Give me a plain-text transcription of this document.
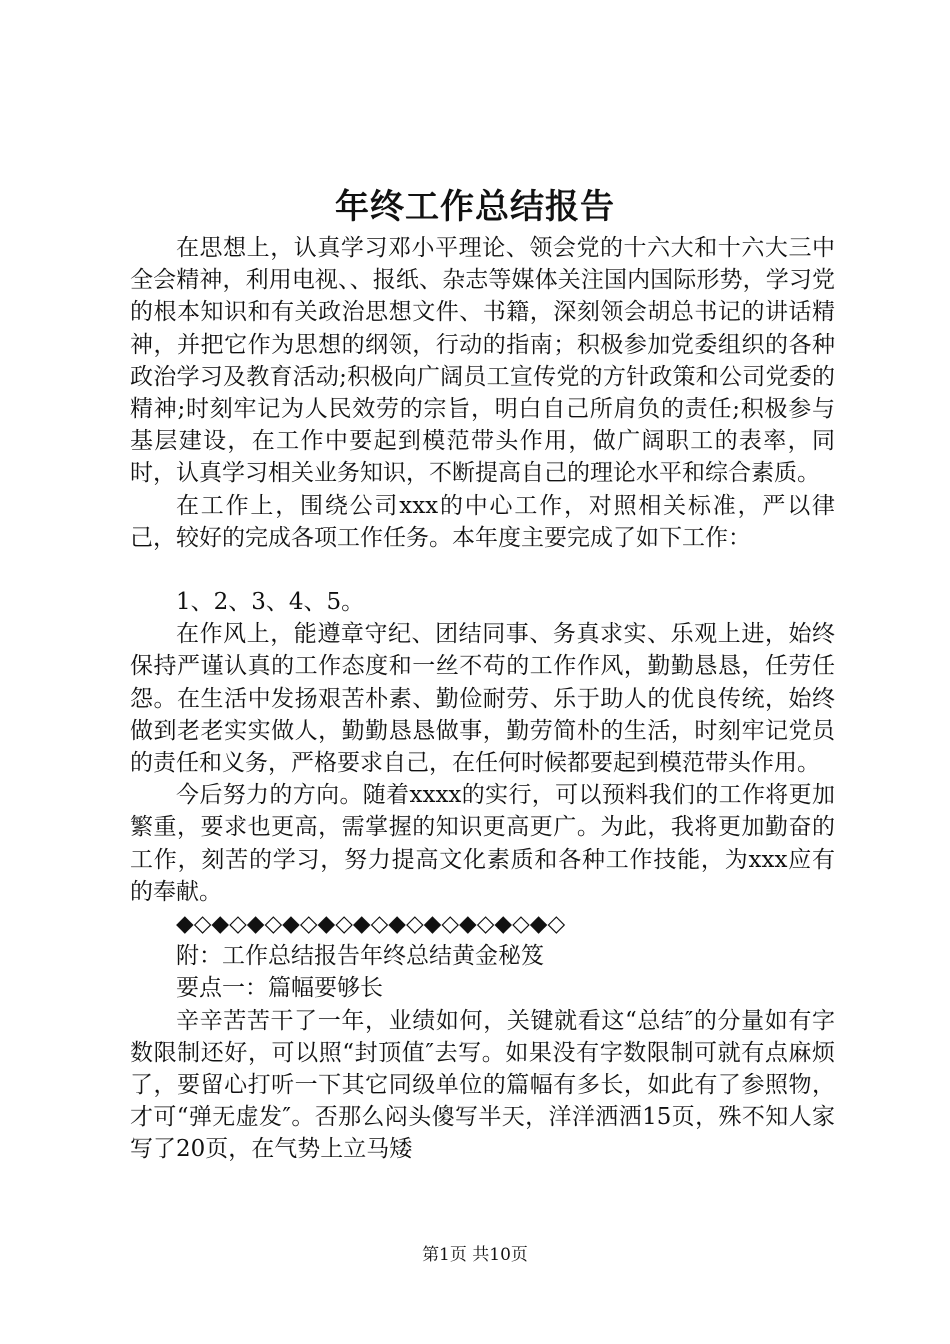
年终工作总结报告

在思想上，认真学习邓小平理论、领会党的十六大和十六大三中全会精神，利用电视、、报纸、杂志等媒体关注国内国际形势，学习党的根本知识和有关政治思想文件、书籍，深刻领会胡总书记的讲话精神，并把它作为思想的纲领，行动的指南；积极参加党委组织的各种政治学习及教育活动;积极向广阔员工宣传党的方针政策和公司党委的精神;时刻牢记为人民效劳的宗旨，明白自己所肩负的责任;积极参与基层建设，在工作中要起到模范带头作用，做广阔职工的表率，同时，认真学习相关业务知识，不断提高自己的理论水平和综合素质。

在工作上，围绕公司xxx的中心工作，对照相关标准，严以律己，较好的完成各项工作任务。本年度主要完成了如下工作：

1、2、3、4、5。

在作风上，能遵章守纪、团结同事、务真求实、乐观上进，始终保持严谨认真的工作态度和一丝不苟的工作作风，勤勤恳恳，任劳任怨。在生活中发扬艰苦朴素、勤俭耐劳、乐于助人的优良传统，始终做到老老实实做人，勤勤恳恳做事，勤劳简朴的生活，时刻牢记党员的责任和义务，严格要求自己，在任何时候都要起到模范带头作用。

今后努力的方向。随着xxxx的实行，可以预料我们的工作将更加繁重，要求也更高，需掌握的知识更高更广。为此，我将更加勤奋的工作，刻苦的学习，努力提高文化素质和各种工作技能，为xxx应有的奉献。

◆◇◆◇◆◇◆◇◆◇◆◇◆◇◆◇◆◇◆◇◆◇

附：工作总结报告年终总结黄金秘笈

要点一：篇幅要够长

辛辛苦苦干了一年，业绩如何，关键就看这“总结″的分量如有字数限制还好，可以照“封顶值″去写。如果没有字数限制可就有点麻烦了，要留心打听一下其它同级单位的篇幅有多长，如此有了参照物，才可“弹无虚发″。否那么闷头傻写半天，洋洋洒洒15页，殊不知人家写了20页，在气势上立马矮

第1页 共10页
